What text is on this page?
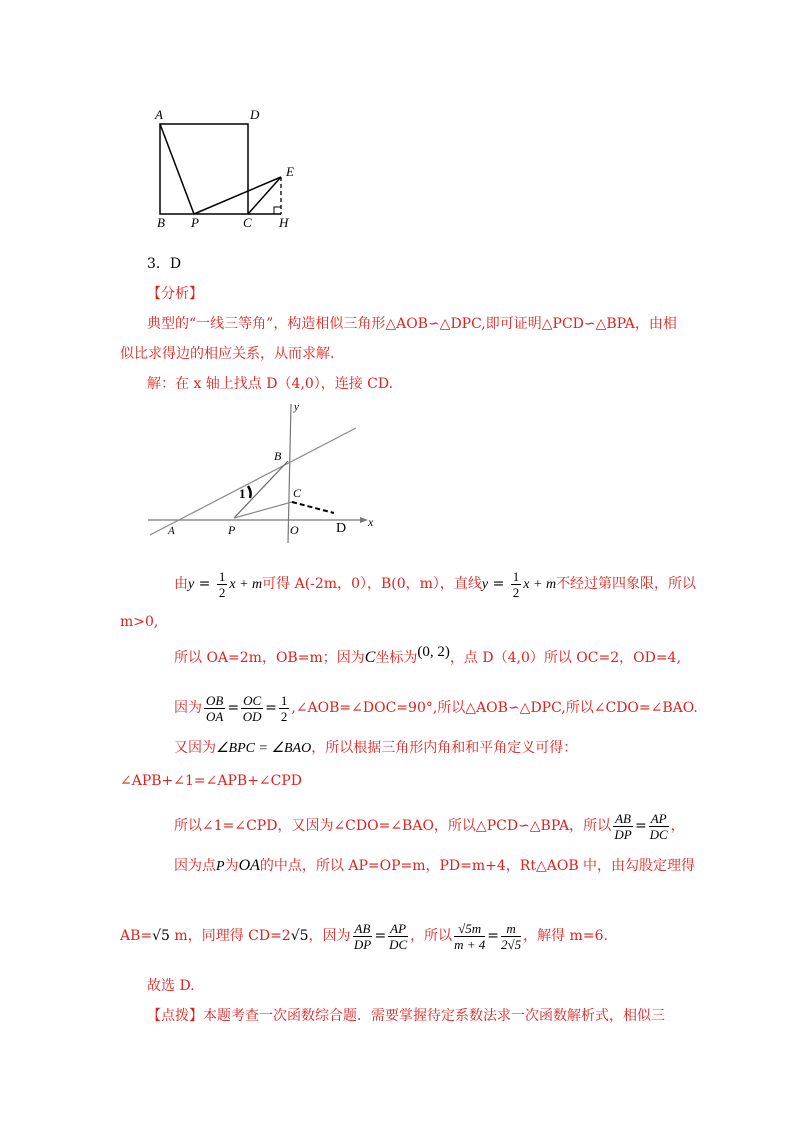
A	D
B P	C H
E
3．D
【分析】
典型的“一线三等角”，构造相似三角形△AOB∽△DPC,即可证明△PCD∽△BPA，由相
似比求得边的相应关系，从而求解.
解：在 x 轴上找点 D（4,0），连接 CD.
y
x
B
C
A	P	O	D
1
由$y = \frac{1}{2}$ x + m可得 A(-2m，0），B(0，m），直线$y = \frac{1}{2}$ x + m不经过第四象限，所以
m>0,
所以 OA=2m，OB=m；因为C坐标为(0, 2)，点 D（4,0）所以 OC=2，OD=4,
因为 $\frac{OB}{OA} = \frac{OC}{OD} = \frac{1}{2}$ ,∠AOB=∠DOC=90°,所以△AOB∽△DPC,所以∠CDO=∠BAO.
又因为∠BPC = ∠BAO，所以根据三角形内角和和平角定义可得：
∠APB+∠1=∠APB+∠CPD
所以∠1=∠CPD，又因为∠CDO=∠BAO，所以△PCD∽△BPA，所以 $\frac{AB}{DP} = \frac{AP}{DC}$ ，
因为点P为OA的中点，所以 AP=OP=m，PD=m+4，Rt△AOB 中，由勾股定理得
AB=√5 m，同理得 CD=2√5，因为 $\frac{AB}{DP} = \frac{AP}{DC}$ ，所以 $\frac{√5m}{m + 4} = \frac{m}{2√5}$ ，解得 m=6.
故选 D.
【点拨】本题考查一次函数综合题．需要掌握待定系数法求一次函数解析式，相似三
